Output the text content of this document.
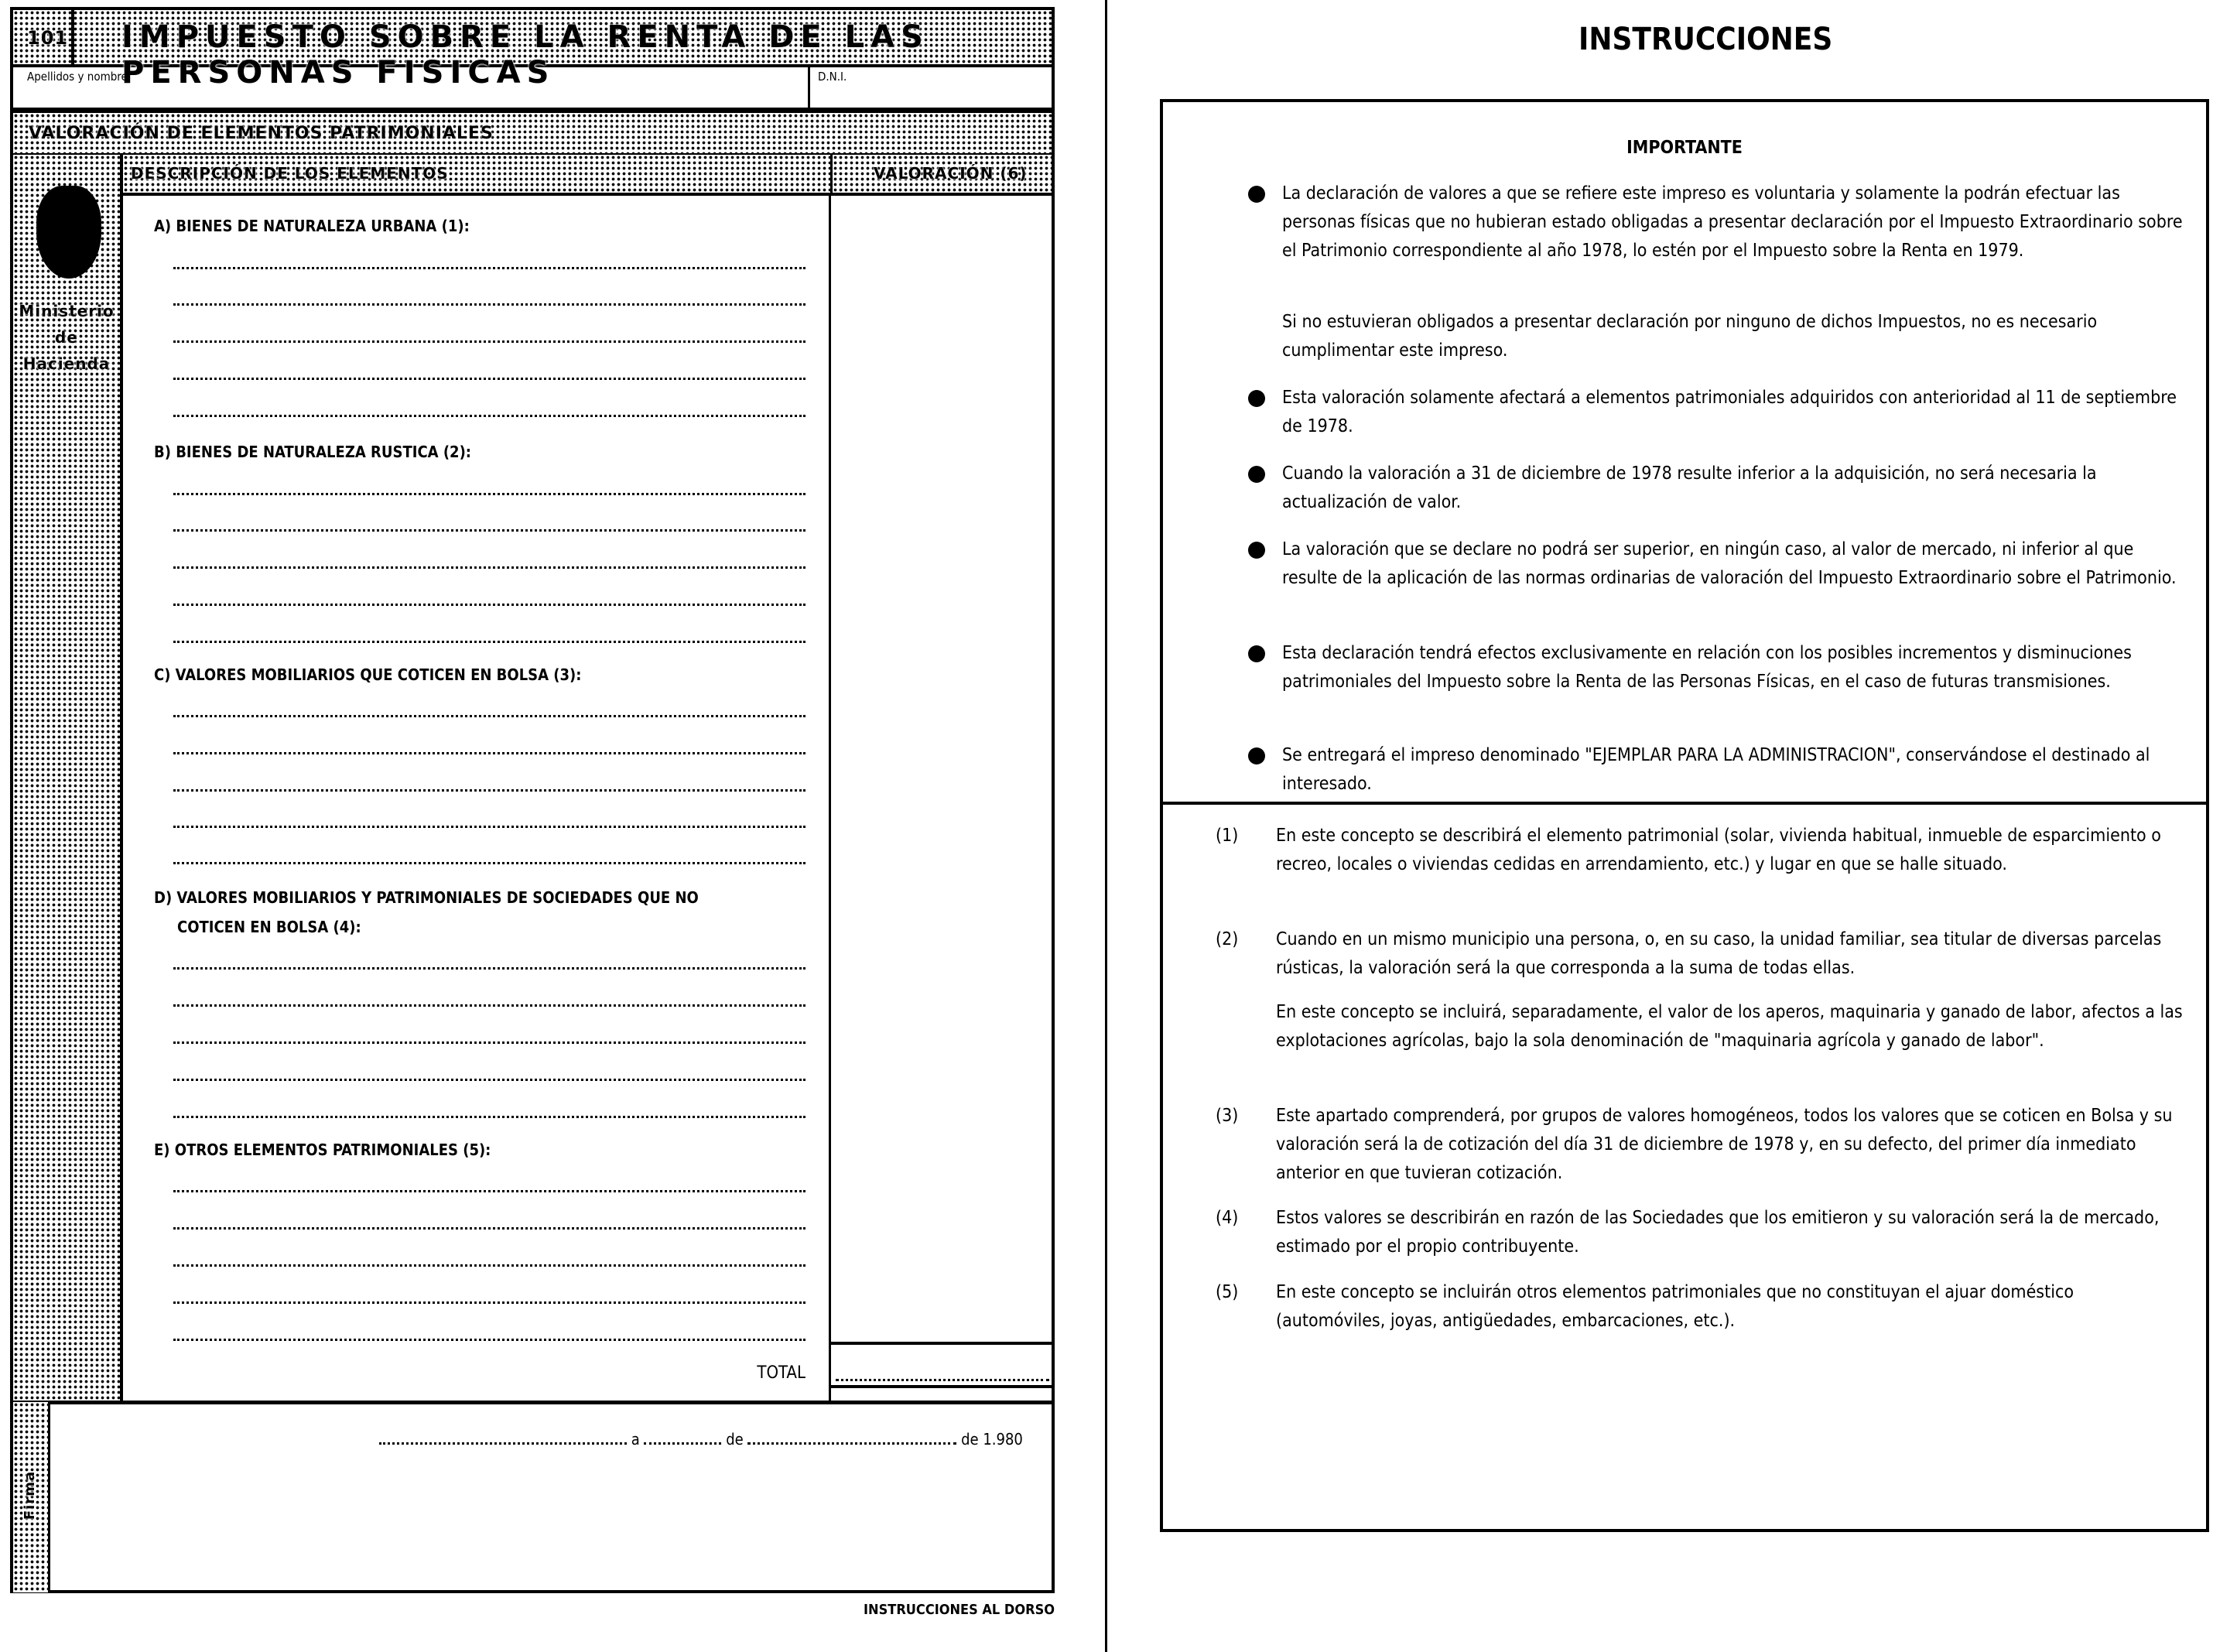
101 IMPUESTO SOBRE LA RENTA DE LAS PERSONAS FISICAS
Apellidos y nombre	D.N.I.
VALORACIÓN DE ELEMENTOS PATRIMONIALES
Ministerio
de
Hacienda
DESCRIPCIÓN DE LOS ELEMENTOS	VALORACIÓN (6)
A) BIENES DE NATURALEZA URBANA (1):
B) BIENES DE NATURALEZA RUSTICA (2):
C) VALORES MOBILIARIOS QUE COTICEN EN BOLSA (3):
D) VALORES MOBILIARIOS Y PATRIMONIALES DE SOCIEDADES QUE NO
COTICEN EN BOLSA (4):
E) OTROS ELEMENTOS PATRIMONIALES (5):
TOTAL
Firma
a	de	de 1.980
INSTRUCCIONES AL DORSO
INSTRUCCIONES
IMPORTANTE
La declaración de valores a que se refiere este impreso es voluntaria y solamente la podrán efectuar las personas físicas que no hubieran estado obligadas a presentar declaración por el Impuesto Extraordinario sobre el Patrimonio correspondiente al año 1978, lo estén por el Impuesto sobre la Renta en 1979.
Si no estuvieran obligados a presentar declaración por ninguno de dichos Impuestos, no es necesario cumplimentar este impreso.
Esta valoración solamente afectará a elementos patrimoniales adquiridos con anterioridad al 11 de septiembre de 1978.
Cuando la valoración a 31 de diciembre de 1978 resulte inferior a la adquisición, no será necesaria la actualización de valor.
La valoración que se declare no podrá ser superior, en ningún caso, al valor de mercado, ni inferior al que resulte de la aplicación de las normas ordinarias de valoración del Impuesto Extraordinario sobre el Patrimonio.
Esta declaración tendrá efectos exclusivamente en relación con los posibles incrementos y disminuciones patrimoniales del Impuesto sobre la Renta de las Personas Físicas, en el caso de futuras transmisiones.
Se entregará el impreso denominado "EJEMPLAR PARA LA ADMINISTRACION", conservándose el destinado al interesado.
(1) En este concepto se describirá el elemento patrimonial (solar, vivienda habitual, inmueble de esparcimiento o recreo, locales o viviendas cedidas en arrendamiento, etc.) y lugar en que se halle situado.
(2) Cuando en un mismo municipio una persona, o, en su caso, la unidad familiar, sea titular de diversas parcelas rústicas, la valoración será la que corresponda a la suma de todas ellas.
En este concepto se incluirá, separadamente, el valor de los aperos, maquinaria y ganado de labor, afectos a las explotaciones agrícolas, bajo la sola denominación de "maquinaria agrícola y ganado de labor".
(3) Este apartado comprenderá, por grupos de valores homogéneos, todos los valores que se coticen en Bolsa y su valoración será la de cotización del día 31 de diciembre de 1978 y, en su defecto, del primer día inmediato anterior en que tuvieran cotización.
(4) Estos valores se describirán en razón de las Sociedades que los emitieron y su valoración será la de mercado, estimado por el propio contribuyente.
(5) En este concepto se incluirán otros elementos patrimoniales que no constituyan el ajuar doméstico (automóviles, joyas, antigüedades, embarcaciones, etc.).
